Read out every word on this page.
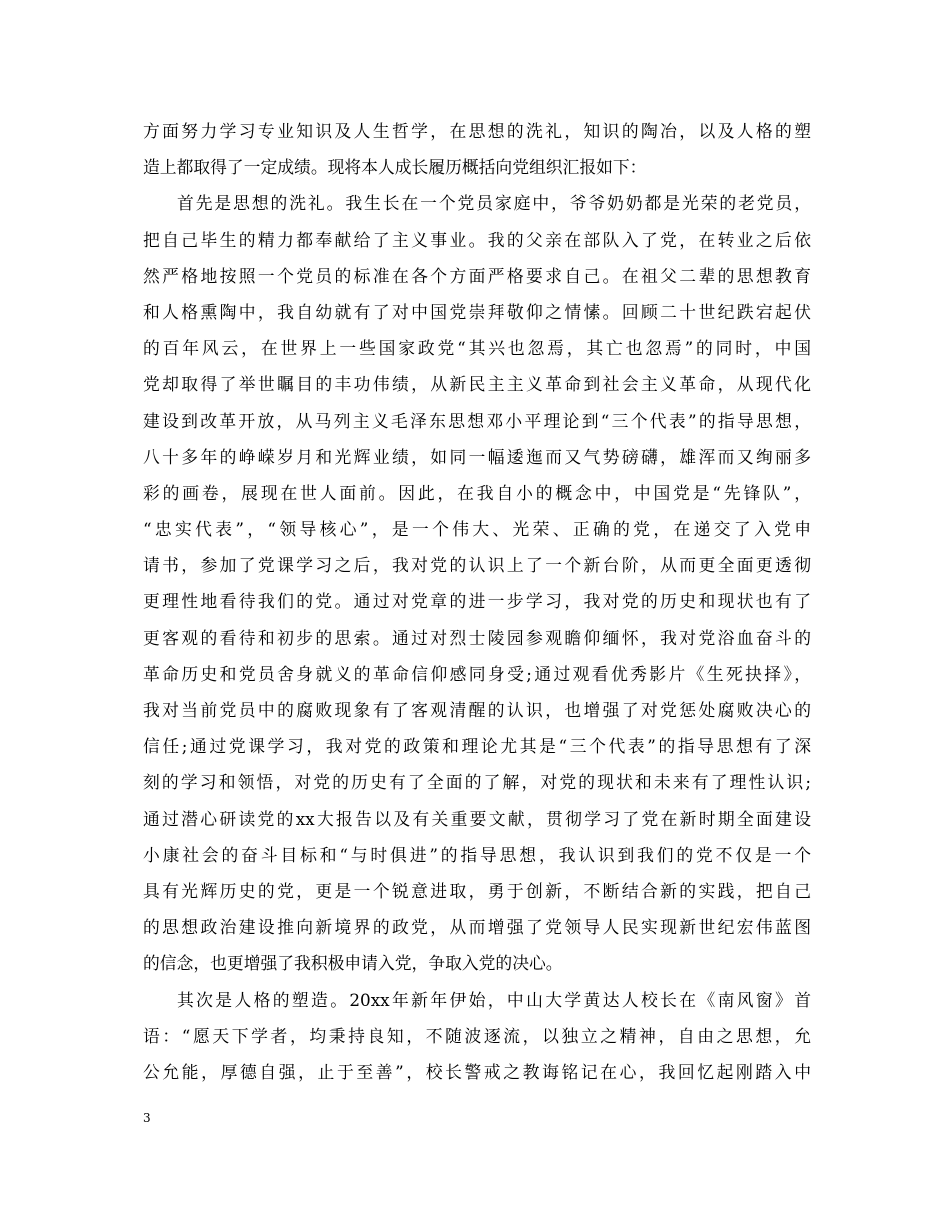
方面努力学习专业知识及人生哲学，在思想的洗礼，知识的陶冶，以及人格的塑
造上都取得了一定成绩。现将本人成长履历概括向党组织汇报如下：
首先是思想的洗礼。我生长在一个党员家庭中，爷爷奶奶都是光荣的老党员，
把自己毕生的精力都奉献给了主义事业。我的父亲在部队入了党，在转业之后依
然严格地按照一个党员的标准在各个方面严格要求自己。在祖父二辈的思想教育
和人格熏陶中，我自幼就有了对中国党崇拜敬仰之情愫。回顾二十世纪跌宕起伏
的百年风云，在世界上一些国家政党“其兴也忽焉，其亡也忽焉”的同时，中国
党却取得了举世瞩目的丰功伟绩，从新民主主义革命到社会主义革命，从现代化
建设到改革开放，从马列主义毛泽东思想邓小平理论到“三个代表”的指导思想，
八十多年的峥嵘岁月和光辉业绩，如同一幅逶迤而又气势磅礴，雄浑而又绚丽多
彩的画卷，展现在世人面前。因此，在我自小的概念中，中国党是“先锋队”，
“忠实代表”，“领导核心”，是一个伟大、光荣、正确的党，在递交了入党申
请书，参加了党课学习之后，我对党的认识上了一个新台阶，从而更全面更透彻
更理性地看待我们的党。通过对党章的进一步学习，我对党的历史和现状也有了
更客观的看待和初步的思索。通过对烈士陵园参观瞻仰缅怀，我对党浴血奋斗的
革命历史和党员舍身就义的革命信仰感同身受;通过观看优秀影片《生死抉择》，
我对当前党员中的腐败现象有了客观清醒的认识，也增强了对党惩处腐败决心的
信任;通过党课学习，我对党的政策和理论尤其是“三个代表”的指导思想有了深
刻的学习和领悟，对党的历史有了全面的了解，对党的现状和未来有了理性认识;
通过潜心研读党的xx大报告以及有关重要文献，贯彻学习了党在新时期全面建设
小康社会的奋斗目标和“与时俱进”的指导思想，我认识到我们的党不仅是一个
具有光辉历史的党，更是一个锐意进取，勇于创新，不断结合新的实践，把自己
的思想政治建设推向新境界的政党，从而增强了党领导人民实现新世纪宏伟蓝图
的信念，也更增强了我积极申请入党，争取入党的决心。
其次是人格的塑造。20xx年新年伊始，中山大学黄达人校长在《南风窗》首
语：“愿天下学者，均秉持良知，不随波逐流，以独立之精神，自由之思想，允
公允能，厚德自强，止于至善”，校长警戒之教诲铭记在心，我回忆起刚踏入中
3
